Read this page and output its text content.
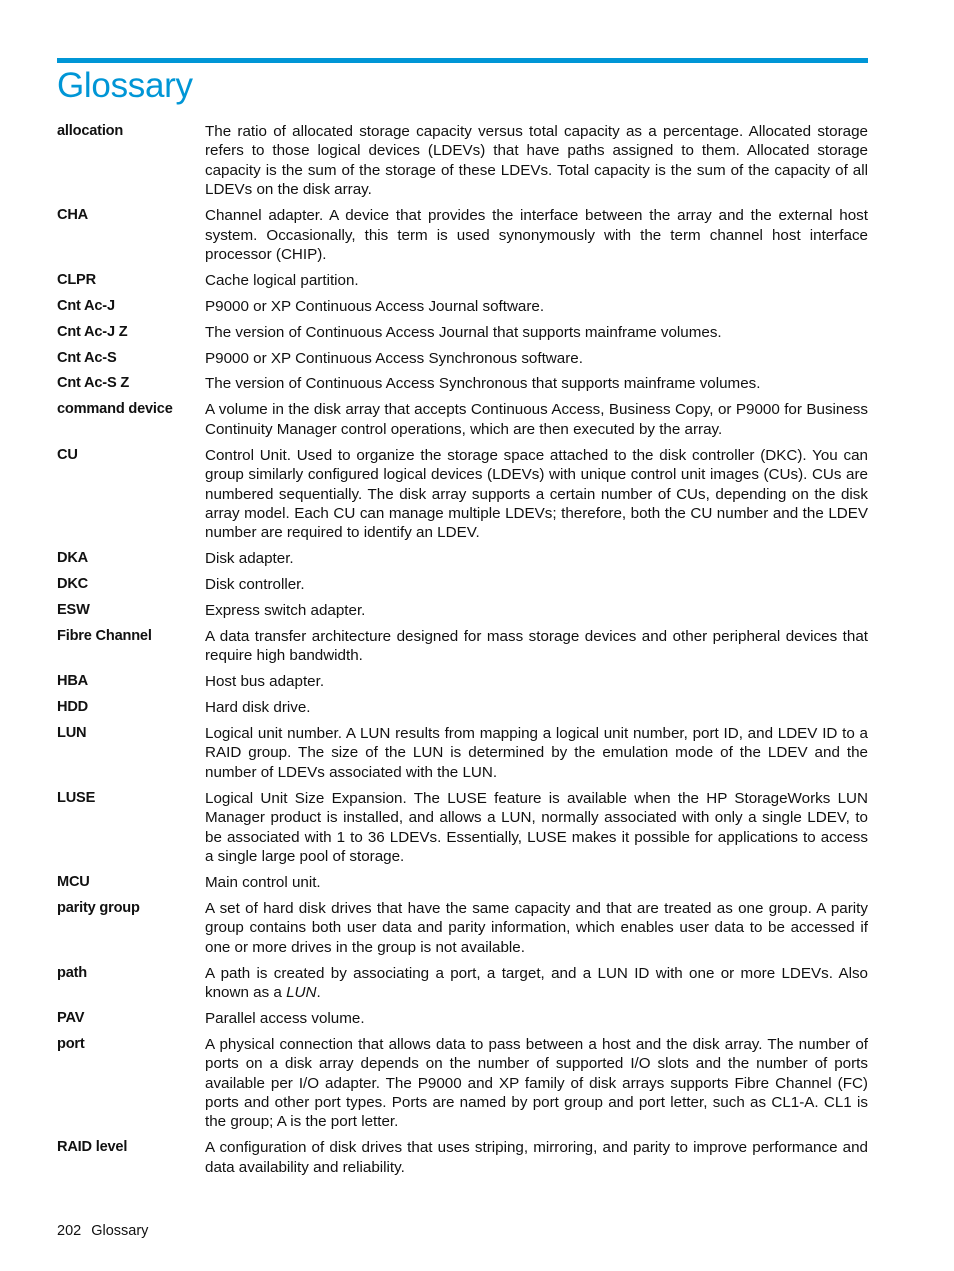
Glossary
allocation	The ratio of allocated storage capacity versus total capacity as a percentage. Allocated storage refers to those logical devices (LDEVs) that have paths assigned to them. Allocated storage capacity is the sum of the storage of these LDEVs. Total capacity is the sum of the capacity of all LDEVs on the disk array.
CHA	Channel adapter. A device that provides the interface between the array and the external host system. Occasionally, this term is used synonymously with the term channel host interface processor (CHIP).
CLPR	Cache logical partition.
Cnt Ac-J	P9000 or XP Continuous Access Journal software.
Cnt Ac-J Z	The version of Continuous Access Journal that supports mainframe volumes.
Cnt Ac-S	P9000 or XP Continuous Access Synchronous software.
Cnt Ac-S Z	The version of Continuous Access Synchronous that supports mainframe volumes.
command device	A volume in the disk array that accepts Continuous Access, Business Copy, or P9000 for Business Continuity Manager control operations, which are then executed by the array.
CU	Control Unit. Used to organize the storage space attached to the disk controller (DKC). You can group similarly configured logical devices (LDEVs) with unique control unit images (CUs). CUs are numbered sequentially. The disk array supports a certain number of CUs, depending on the disk array model. Each CU can manage multiple LDEVs; therefore, both the CU number and the LDEV number are required to identify an LDEV.
DKA	Disk adapter.
DKC	Disk controller.
ESW	Express switch adapter.
Fibre Channel	A data transfer architecture designed for mass storage devices and other peripheral devices that require high bandwidth.
HBA	Host bus adapter.
HDD	Hard disk drive.
LUN	Logical unit number. A LUN results from mapping a logical unit number, port ID, and LDEV ID to a RAID group. The size of the LUN is determined by the emulation mode of the LDEV and the number of LDEVs associated with the LUN.
LUSE	Logical Unit Size Expansion. The LUSE feature is available when the HP StorageWorks LUN Manager product is installed, and allows a LUN, normally associated with only a single LDEV, to be associated with 1 to 36 LDEVs. Essentially, LUSE makes it possible for applications to access a single large pool of storage.
MCU	Main control unit.
parity group	A set of hard disk drives that have the same capacity and that are treated as one group. A parity group contains both user data and parity information, which enables user data to be accessed if one or more drives in the group is not available.
path	A path is created by associating a port, a target, and a LUN ID with one or more LDEVs. Also known as a LUN.
PAV	Parallel access volume.
port	A physical connection that allows data to pass between a host and the disk array. The number of ports on a disk array depends on the number of supported I/O slots and the number of ports available per I/O adapter. The P9000 and XP family of disk arrays supports Fibre Channel (FC) ports and other port types. Ports are named by port group and port letter, such as CL1-A. CL1 is the group; A is the port letter.
RAID level	A configuration of disk drives that uses striping, mirroring, and parity to improve performance and data availability and reliability.
202 Glossary
